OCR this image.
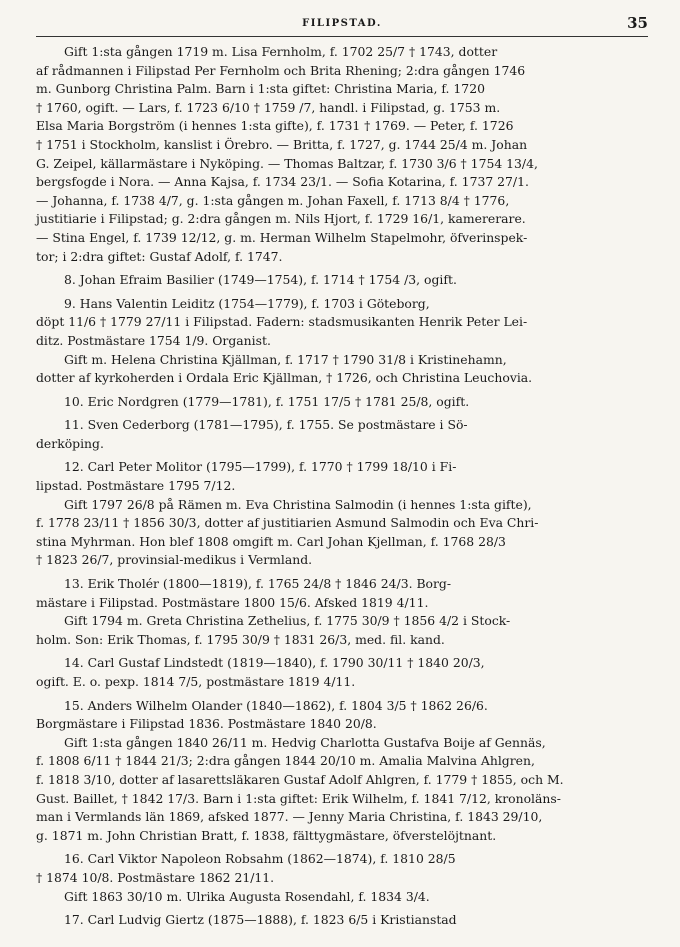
FILIPSTAD.	35

Gift 1:sta gången 1719 m. Lisa Fernholm, f. 1702 25/7 † 1743, dotter

af rådmannen i Filipstad Per Fernholm och Brita Rhening; 2:dra gången 1746

m. Gunborg Christina Palm. Barn i 1:sta giftet: Christina Maria, f. 1720

† 1760, ogift. — Lars, f. 1723 6/10 † 1759 /7, handl. i Filipstad, g. 1753 m.

Elsa Maria Borgström (i hennes 1:sta gifte), f. 1731 † 1769. — Peter, f. 1726

† 1751 i Stockholm, kanslist i Örebro. — Britta, f. 1727, g. 1744 25/4 m. Johan

G. Zeipel, källarmästare i Nyköping. — Thomas Baltzar, f. 1730 3/6 † 1754 13/4,

bergsfogde i Nora. — Anna Kajsa, f. 1734 23/1. — Sofia Kotarina, f. 1737 27/1.

— Johanna, f. 1738 4/7, g. 1:sta gången m. Johan Faxell, f. 1713 8/4 † 1776,

justitiarie i Filipstad; g. 2:dra gången m. Nils Hjort, f. 1729 16/1, kamererare.

— Stina Engel, f. 1739 12/12, g. m. Herman Wilhelm Stapelmohr, öfverinspek-

tor; i 2:dra giftet: Gustaf Adolf, f. 1747.

8. Johan Efraim Basilier (1749—1754), f. 1714 † 1754 /3, ogift.

9. Hans Valentin Leiditz (1754—1779), f. 1703 i Göteborg,

döpt 11/6 † 1779 27/11 i Filipstad. Fadern: stadsmusikanten Henrik Peter Lei-

ditz. Postmästare 1754 1/9. Organist.

Gift m. Helena Christina Kjällman, f. 1717 † 1790 31/8 i Kristinehamn,

dotter af kyrkoherden i Ordala Eric Kjällman, † 1726, och Christina Leuchovia.

10. Eric Nordgren (1779—1781), f. 1751 17/5 † 1781 25/8, ogift.

11. Sven Cederborg (1781—1795), f. 1755. Se postmästare i Sö-

derköping.

12. Carl Peter Molitor (1795—1799), f. 1770 † 1799 18/10 i Fi-

lipstad. Postmästare 1795 7/12.

Gift 1797 26/8 på Rämen m. Eva Christina Salmodin (i hennes 1:sta gifte),

f. 1778 23/11 † 1856 30/3, dotter af justitiarien Asmund Salmodin och Eva Chri-

stina Myhrman. Hon blef 1808 omgift m. Carl Johan Kjellman, f. 1768 28/3

† 1823 26/7, provinsial-medikus i Vermland.

13. Erik Tholér (1800—1819), f. 1765 24/8 † 1846 24/3. Borg-

mästare i Filipstad. Postmästare 1800 15/6. Afsked 1819 4/11.

Gift 1794 m. Greta Christina Zethelius, f. 1775 30/9 † 1856 4/2 i Stock-

holm. Son: Erik Thomas, f. 1795 30/9 † 1831 26/3, med. fil. kand.

14. Carl Gustaf Lindstedt (1819—1840), f. 1790 30/11 † 1840 20/3,

ogift. E. o. pexp. 1814 7/5, postmästare 1819 4/11.

15. Anders Wilhelm Olander (1840—1862), f. 1804 3/5 † 1862 26/6.

Borgmästare i Filipstad 1836. Postmästare 1840 20/8.

Gift 1:sta gången 1840 26/11 m. Hedvig Charlotta Gustafva Boije af Gennäs,

f. 1808 6/11 † 1844 21/3; 2:dra gången 1844 20/10 m. Amalia Malvina Ahlgren,

f. 1818 3/10, dotter af lasarettsläkaren Gustaf Adolf Ahlgren, f. 1779 † 1855, och M.

Gust. Baillet, † 1842 17/3. Barn i 1:sta giftet: Erik Wilhelm, f. 1841 7/12, kronoläns-

man i Vermlands län 1869, afsked 1877. — Jenny Maria Christina, f. 1843 29/10,

g. 1871 m. John Christian Bratt, f. 1838, fälttygmästare, öfverstelöjtnant.

16. Carl Viktor Napoleon Robsahm (1862—1874), f. 1810 28/5

† 1874 10/8. Postmästare 1862 21/11.

Gift 1863 30/10 m. Ulrika Augusta Rosendahl, f. 1834 3/4.

17. Carl Ludvig Giertz (1875—1888), f. 1823 6/5 i Kristianstad
